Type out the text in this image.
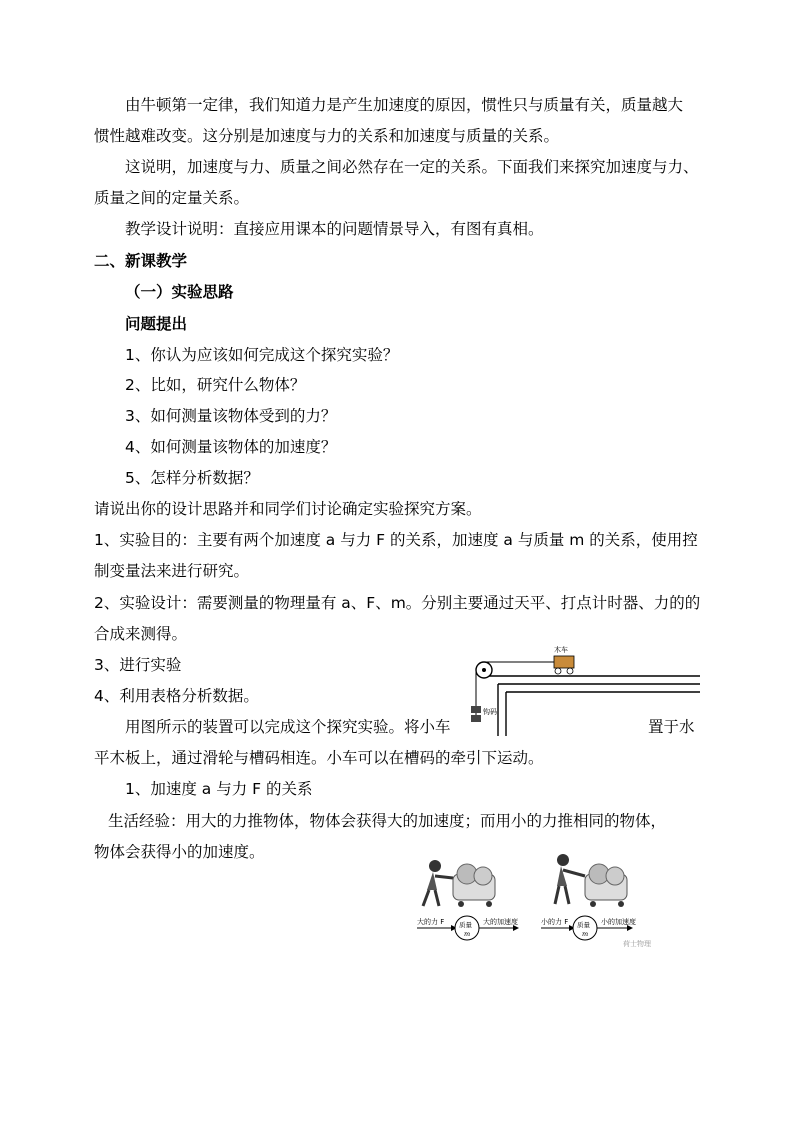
由牛顿第一定律，我们知道力是产生加速度的原因，惯性只与质量有关，质量越大
惯性越难改变。这分别是加速度与力的关系和加速度与质量的关系。
这说明，加速度与力、质量之间必然存在一定的关系。下面我们来探究加速度与力、
质量之间的定量关系。
教学设计说明：直接应用课本的问题情景导入，有图有真相。
二、新课教学
（一）实验思路
问题提出
1、你认为应该如何完成这个探究实验？
2、比如，研究什么物体？
3、如何测量该物体受到的力？
4、如何测量该物体的加速度？
5、怎样分析数据？
请说出你的设计思路并和同学们讨论确定实验探究方案。
1、实验目的：主要有两个加速度 a 与力 F 的关系，加速度 a 与质量 m 的关系，使用控
制变量法来进行研究。
2、实验设计：需要测量的物理量有 a、F、m。分别主要通过天平、打点计时器、力的的
合成来测得。
3、进行实验
4、利用表格分析数据。
用图所示的装置可以完成这个探究实验。将小车	置于水
平木板上，通过滑轮与槽码相连。小车可以在槽码的牵引下运动。
木车
钩码
1、加速度 a 与力 F 的关系
生活经验：用大的力推物体，物体会获得大的加速度；而用小的力推相同的物体，
物体会获得小的加速度。
大的力 F 质量
m
大的加速度	小的力 F 质量
m
小的加速度
荷士物理
